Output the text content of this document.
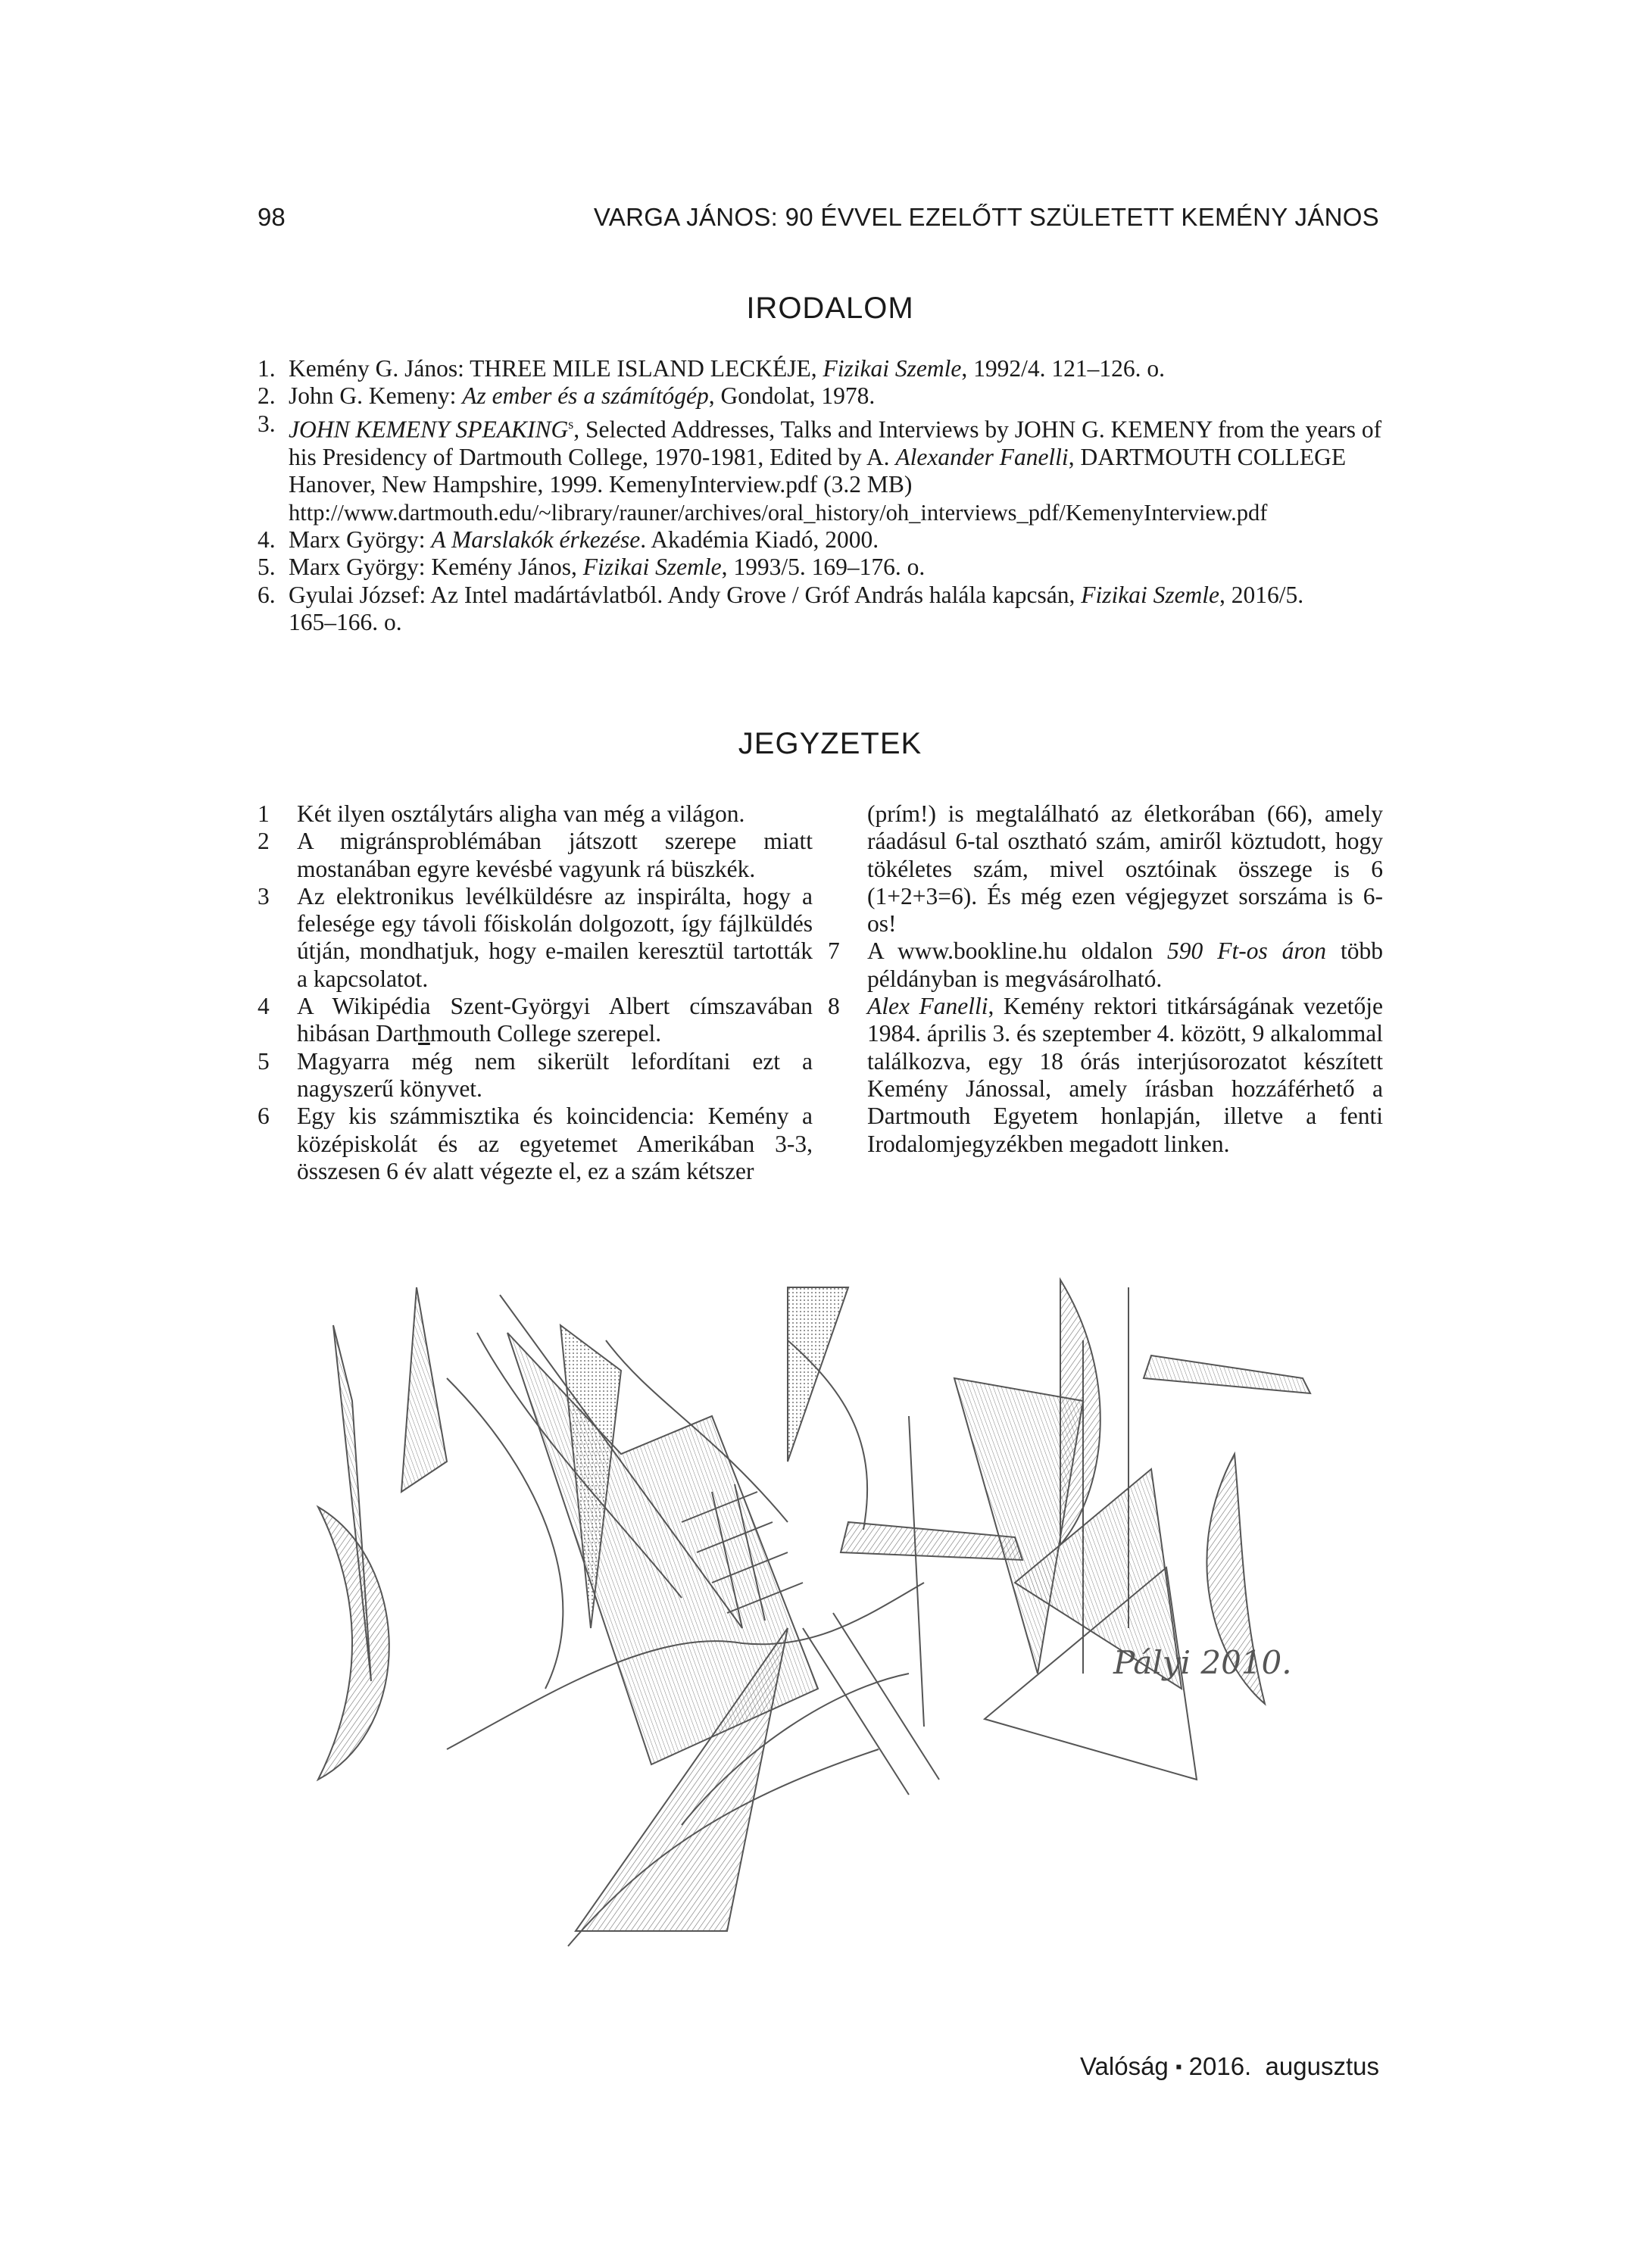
98	VARGA JÁNOS: 90 ÉVVEL EZELŐTT SZÜLETETT KEMÉNY JÁNOS
IRODALOM
1. Kemény G. János: THREE MILE ISLAND LECKÉJE, Fizikai Szemle, 1992/4. 121–126. o.
2. John G. Kemeny: Az ember és a számítógép, Gondolat, 1978.
3. JOHN KEMENY SPEAKING$^s$, Selected Addresses, Talks and Interviews by JOHN G. KEMENY from the years of his Presidency of Dartmouth College, 1970-1981, Edited by A. Alexander Fanelli, DARTMOUTH COLLEGE Hanover, New Hampshire, 1999. KemenyInterview.pdf (3.2 MB)
http://www.dartmouth.edu/~library/rauner/archives/oral_history/oh_interviews_pdf/KemenyInterview.pdf
4. Marx György: A Marslakók érkezése. Akadémia Kiadó, 2000.
5. Marx György: Kemény János, Fizikai Szemle, 1993/5. 169–176. o.
6. Gyulai József: Az Intel madártávlatból. Andy Grove / Gróf András halála kapcsán, Fizikai Szemle, 2016/5.
165–166. o.
JEGYZETEK
1	Két ilyen osztálytárs aligha van még a világon.
2	A migránsproblémában játszott szerepe miatt mostanában egyre kevésbé vagyunk rá büszkék.
3	Az elektronikus levélküldésre az inspirálta, hogy a felesége egy távoli főiskolán dolgozott, így fájlküldés útján, mondhatjuk, hogy e-mailen keresztül tartották a kapcsolatot.
4	A Wikipédia Szent-Györgyi Albert címszavában hibásan Darthmouth College szerepel.
5	Magyarra még nem sikerült lefordítani ezt a nagyszerű könyvet.
6	Egy kis számmisztika és koincidencia: Kemény a középiskolát és az egyetemet Amerikában 3-3, összesen 6 év alatt végezte el, ez a szám kétszer
(prím!) is megtalálható az életkorában (66), amely ráadásul 6-tal osztható szám, amiről köztudott, hogy tökéletes szám, mivel osztóinak összege is 6 (1+2+3=6). És még ezen végjegyzet sorszáma is 6-os!
7	A www.bookline.hu oldalon 590 Ft-os áron több példányban is megvásárolható.
8	Alex Fanelli, Kemény rektori titkárságának vezetője 1984. április 3. és szeptember 4. között, 9 alkalommal találkozva, egy 18 órás interjúsorozatot készített Kemény Jánossal, amely írásban hozzáférhető a Dartmouth Egyetem honlapján, illetve a fenti Irodalomjegyzékben megadott linken.
Pályi 2010.
Valóság ▪ 2016.  augusztus
